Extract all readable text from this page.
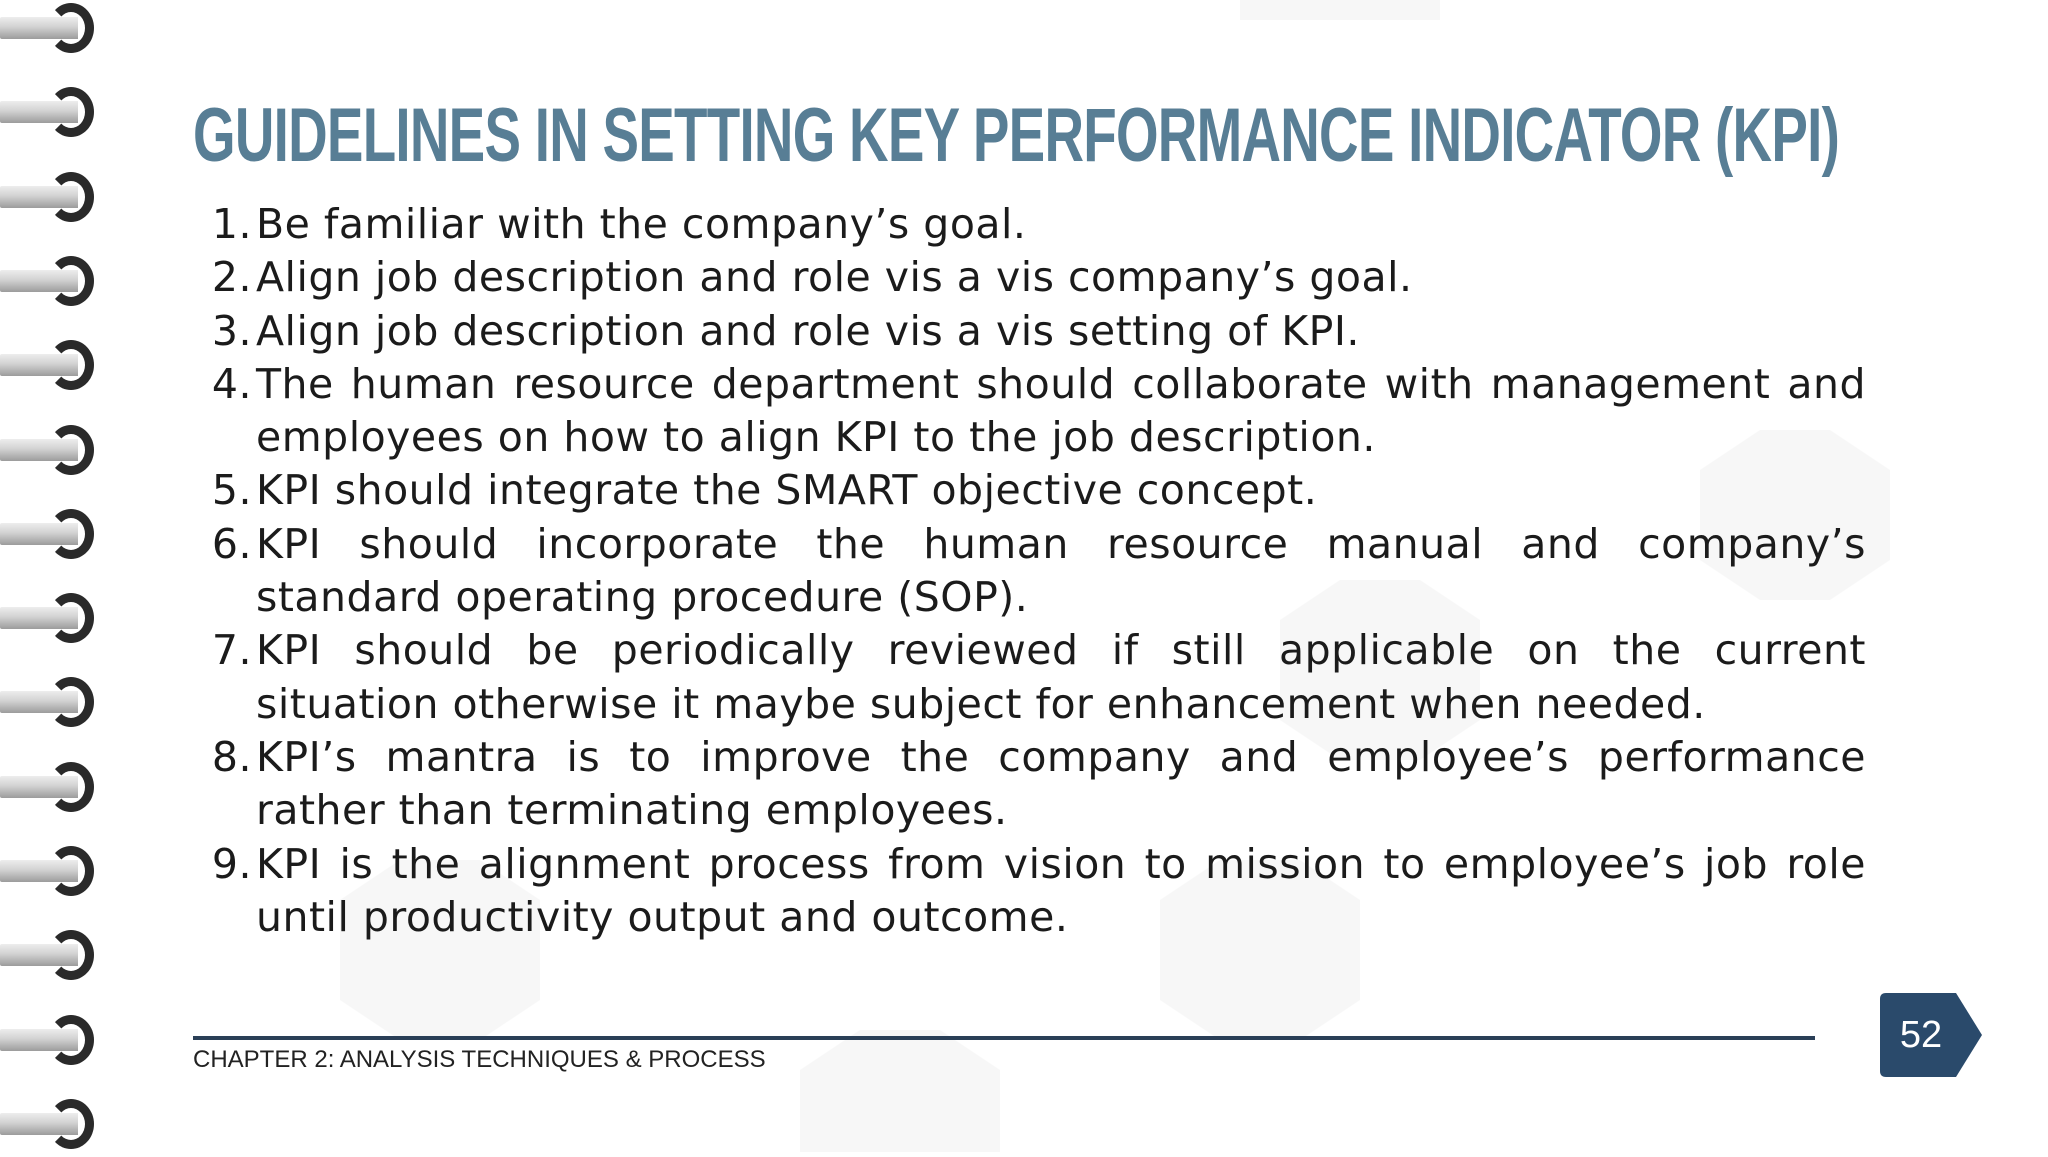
GUIDELINES IN SETTING KEY PERFORMANCE INDICATOR (KPI)
1. Be familiar with the company’s goal.
2. Align job description and role vis a vis company’s goal.
3. Align job description and role vis a vis setting of KPI.
4. The human resource department should collaborate with management and employees on how to align KPI to the job description.
5. KPI should integrate the SMART objective concept.
6. KPI should incorporate the human resource manual and company’s standard operating procedure (SOP).
7. KPI should be periodically reviewed if still applicable on the current situation otherwise it maybe subject for enhancement when needed.
8. KPI’s mantra is to improve the company and employee’s performance rather than terminating employees.
9. KPI is the alignment process from vision to mission to employee’s job role until productivity output and outcome.
CHAPTER 2: ANALYSIS TECHNIQUES & PROCESS
52
